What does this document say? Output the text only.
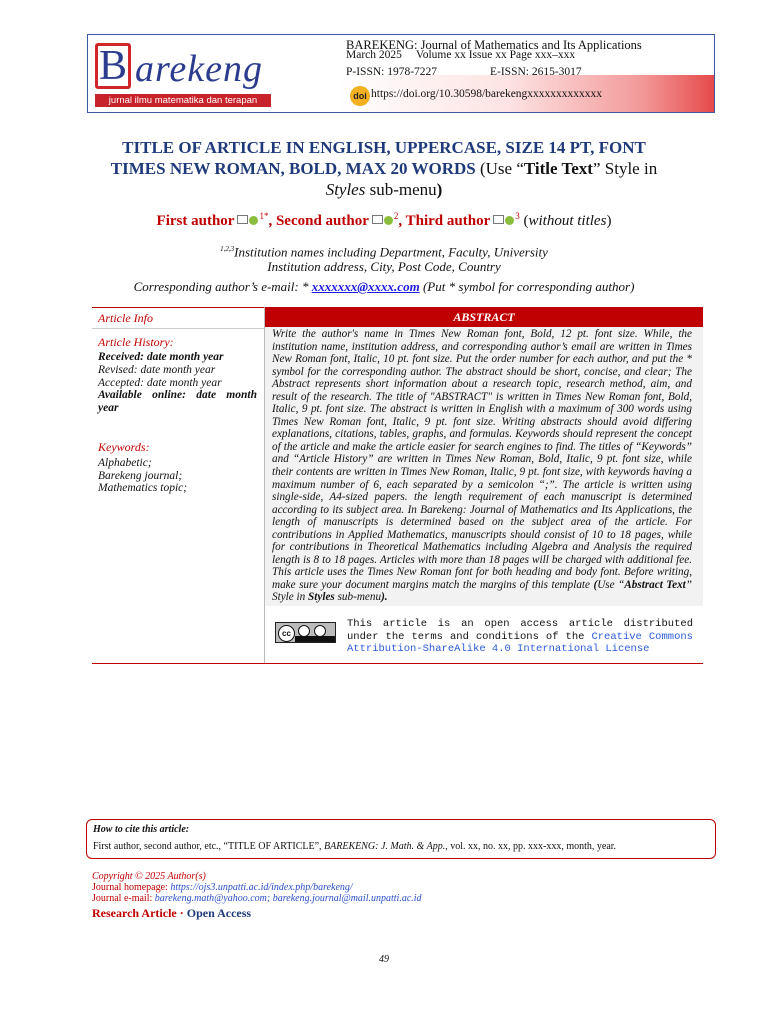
B arekeng
jurnal ilmu matematika dan terapan
BAREKENG: Journal of Mathematics and Its Applications
March 2025 Volume xx Issue xx Page xxx–xxx
P-ISSN: 1978-7227	E-ISSN: 2615-3017
doi https://doi.org/10.30598/barekengxxxxxxxxxxxxx
TITLE OF ARTICLE IN ENGLISH, UPPERCASE, SIZE 14 PT, FONT TIMES NEW ROMAN, BOLD, MAX 20 WORDS (Use “Title Text” Style in Styles sub-menu)
First author	$^{1*}$, Second author	$^2$, Third author	$^3$ (without titles)
$^{1,2,3}$Institution names including Department, Faculty, University
Institution address, City, Post Code, Country
Corresponding author’s e-mail: * xxxxxxx@xxxx.com (Put * symbol for corresponding author)
Article Info
Article History:
Received: date month year
Revised: date month year
Accepted: date month year
Available online: date month year
Keywords:
Alphabetic;
Barekeng journal;
Mathematics topic;
ABSTRACT
Write the author's name in Times New Roman font, Bold, 12 pt. font size. While, the institution name, institution address, and corresponding author’s email are written in Times New Roman font, Italic, 10 pt. font size. Put the order number for each author, and put the * symbol for the corresponding author. The abstract should be short, concise, and clear; The Abstract represents short information about a research topic, research method, aim, and result of the research. The title of "ABSTRACT" is written in Times New Roman font, Bold, Italic, 9 pt. font size. The abstract is written in English with a maximum of 300 words using Times New Roman font, Italic, 9 pt. font size. Writing abstracts should avoid differing explanations, citations, tables, graphs, and formulas. Keywords should represent the concept of the article and make the article easier for search engines to find. The titles of “Keywords” and “Article History” are written in Times New Roman, Bold, Italic, 9 pt. font size, while their contents are written in Times New Roman, Italic, 9 pt. font size, with keywords having a maximum number of 6, each separated by a semicolon “;”. The article is written using single-side, A4-sized papers. the length requirement of each manuscript is determined according to its subject area. In Barekeng: Journal of Mathematics and Its Applications, the length of manuscripts is determined based on the subject area of the article. For contributions in Applied Mathematics, manuscripts should consist of 10 to 18 pages, while for contributions in Theoretical Mathematics including Algebra and Analysis the required length is 8 to 18 pages. Articles with more than 18 pages will be charged with additional fee. This article uses the Times New Roman font for both heading and body font. Before writing, make sure your document margins match the margins of this template (Use “Abstract Text” Style in Styles sub-menu).
cc
This article is an open access article distributed under the terms and conditions of the Creative Commons Attribution-ShareAlike 4.0 International License
How to cite this article:
First author, second author, etc., “TITLE OF ARTICLE”, BAREKENG: J. Math. & App., vol. xx, no. xx, pp. xxx-xxx, month, year.
Copyright © 2025 Author(s)
Journal homepage: https://ojs3.unpatti.ac.id/index.php/barekeng/
Journal e-mail: barekeng.math@yahoo.com; barekeng.journal@mail.unpatti.ac.id
Research Article · Open Access
49
